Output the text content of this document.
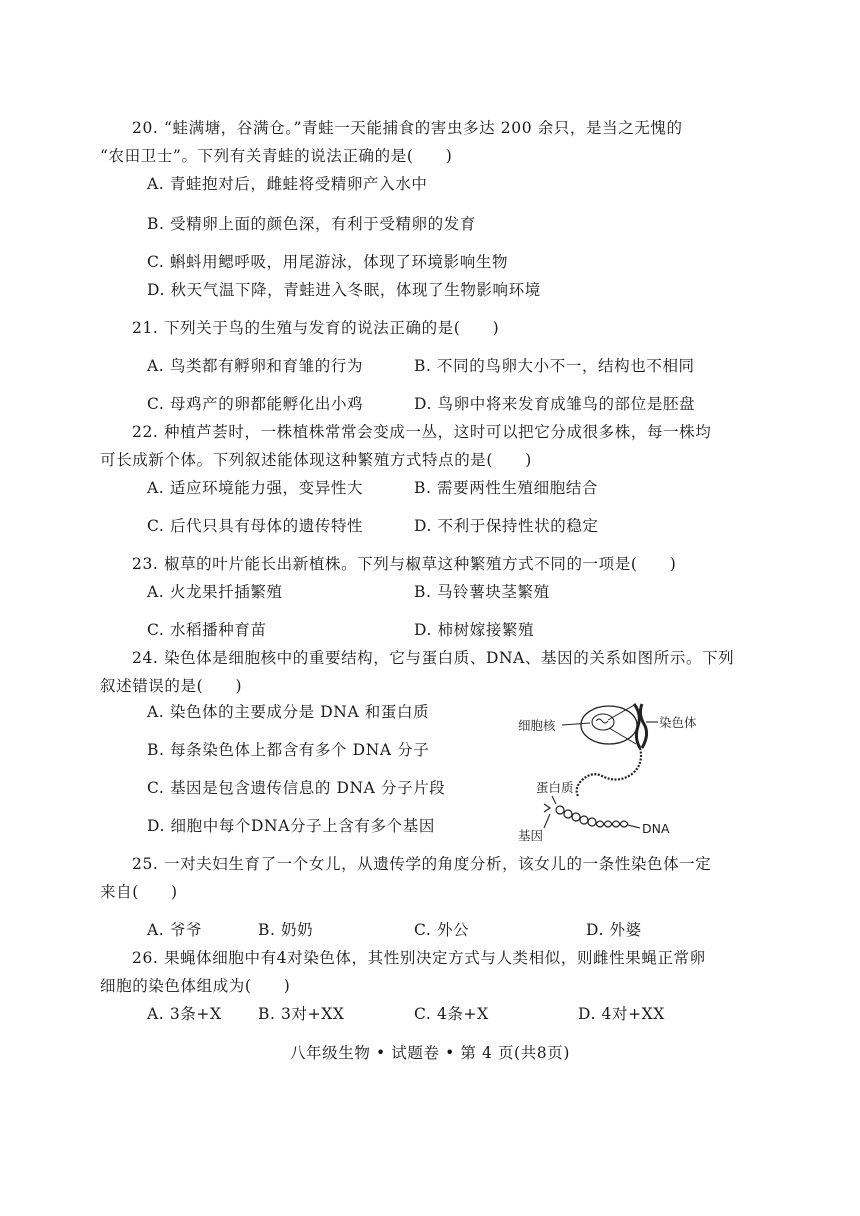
20. “蛙满塘，谷满仓。”青蛙一天能捕食的害虫多达 200 余只，是当之无愧的
“农田卫士”。下列有关青蛙的说法正确的是(　　)
A. 青蛙抱对后，雌蛙将受精卵产入水中
B. 受精卵上面的颜色深，有利于受精卵的发育
C. 蝌蚪用鳃呼吸，用尾游泳，体现了环境影响生物
D. 秋天气温下降，青蛙进入冬眠，体现了生物影响环境
21. 下列关于鸟的生殖与发育的说法正确的是(　　)
A. 鸟类都有孵卵和育雏的行为	B. 不同的鸟卵大小不一，结构也不相同
C. 母鸡产的卵都能孵化出小鸡	D. 鸟卵中将来发育成雏鸟的部位是胚盘
22. 种植芦荟时，一株植株常常会变成一丛，这时可以把它分成很多株，每一株均
可长成新个体。下列叙述能体现这种繁殖方式特点的是(　　)
A. 适应环境能力强，变异性大	B. 需要两性生殖细胞结合
C. 后代只具有母体的遗传特性	D. 不利于保持性状的稳定
23. 椒草的叶片能长出新植株。下列与椒草这种繁殖方式不同的一项是(　　)
A. 火龙果扦插繁殖	B. 马铃薯块茎繁殖
C. 水稻播种育苗	D. 柿树嫁接繁殖
24. 染色体是细胞核中的重要结构，它与蛋白质、DNA、基因的关系如图所示。下列
叙述错误的是(　　)
A. 染色体的主要成分是 DNA 和蛋白质
B. 每条染色体上都含有多个 DNA 分子
C. 基因是包含遗传信息的 DNA 分子片段
D. 细胞中每个DNA分子上含有多个基因
细胞核	染色体
蛋白质
DNA
基因
25. 一对夫妇生育了一个女儿，从遗传学的角度分析，该女儿的一条性染色体一定
来自(　　)
A. 爷爷	B. 奶奶	C. 外公	D. 外婆
26. 果蝇体细胞中有4对染色体，其性别决定方式与人类相似，则雌性果蝇正常卵
细胞的染色体组成为(　　)
A. 3条+X B. 3对+XX	C. 4条+X	D. 4对+XX
八年级生物 • 试题卷 • 第 4 页(共8页)
